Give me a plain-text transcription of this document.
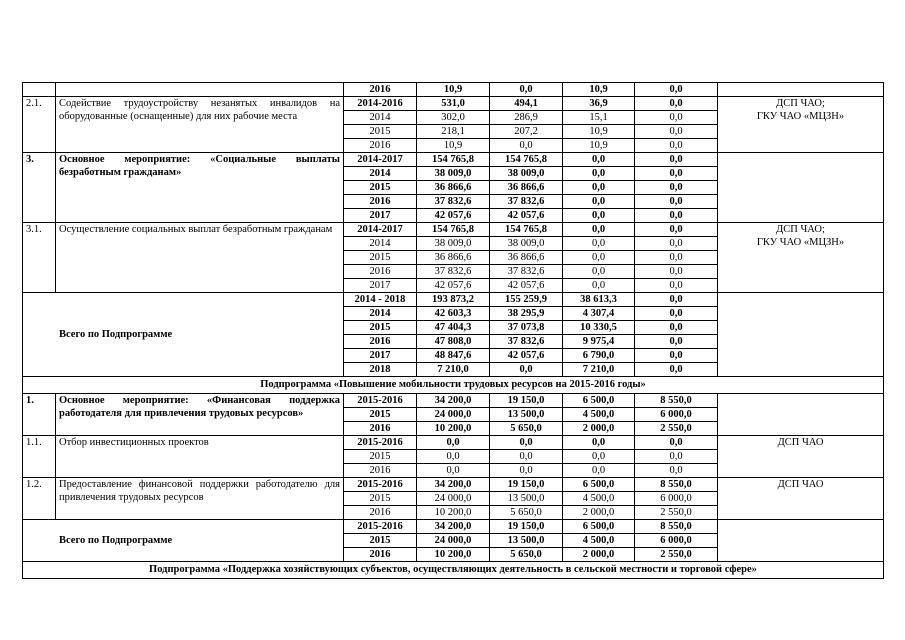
		2016	10,9	0,0	10,9	0,0	
2.1.	Содействие трудоустройству незанятых инвалидов на оборудованные (оснащенные) для них рабочие места	2014-2016	531,0	494,1	36,9	0,0	ДСП ЧАО;
ГКУ ЧАО «МЦЗН»

		2014	302,0	286,9	15,1	0,0	
		2015	218,1	207,2	10,9	0,0	
		2016	10,9	0,0	10,9	0,0	
3.	Основное мероприятие: «Социальные выплаты безработным гражданам»	2014-2017	154 765,8	154 765,8	0,0	0,0	
		2014	38 009,0	38 009,0	0,0	0,0	
		2015	36 866,6	36 866,6	0,0	0,0	
		2016	37 832,6	37 832,6	0,0	0,0	
		2017	42 057,6	42 057,6	0,0	0,0	
3.1.	Осуществление социальных выплат безработным гражданам	2014-2017	154 765,8	154 765,8	0,0	0,0	ДСП ЧАО;
ГКУ ЧАО «МЦЗН»

		2014	38 009,0	38 009,0	0,0	0,0	
		2015	36 866,6	36 866,6	0,0	0,0	
		2016	37 832,6	37 832,6	0,0	0,0	
		2017	42 057,6	42 057,6	0,0	0,0	
Всего по Подпрограмме		2014 - 2018	193 873,2	155 259,9	38 613,3	0,0	
		2014	42 603,3	38 295,9	4 307,4	0,0	
		2015	47 404,3	37 073,8	10 330,5	0,0	
		2016	47 808,0	37 832,6	9 975,4	0,0	
		2017	48 847,6	42 057,6	6 790,0	0,0	
		2018	7 210,0	0,0	7 210,0	0,0	
Подпрограмма «Повышение мобильности трудовых ресурсов на 2015-2016 годы»							
1.	Основное мероприятие: «Финансовая поддержка работодателя для привлечения трудовых ресурсов»	2015-2016	34 200,0	19 150,0	6 500,0	8 550,0	
		2015	24 000,0	13 500,0	4 500,0	6 000,0	
		2016	10 200,0	5 650,0	2 000,0	2 550,0	
1.1.	Отбор инвестиционных проектов	2015-2016	0,0	0,0	0,0	0,0	ДСП ЧАО

		2015	0,0	0,0	0,0	0,0	
		2016	0,0	0,0	0,0	0,0	
1.2.	Предоставление финансовой поддержки работодателю для привлечения трудовых ресурсов	2015-2016	34 200,0	19 150,0	6 500,0	8 550,0	ДСП ЧАО

		2015	24 000,0	13 500,0	4 500,0	6 000,0	
		2016	10 200,0	5 650,0	2 000,0	2 550,0	
Всего по Подпрограмме		2015-2016	34 200,0	19 150,0	6 500,0	8 550,0	
		2015	24 000,0	13 500,0	4 500,0	6 000,0	
		2016	10 200,0	5 650,0	2 000,0	2 550,0	
Подпрограмма «Поддержка хозяйствующих субъектов, осуществляющих деятельность в сельской местности и торговой сфере»							
